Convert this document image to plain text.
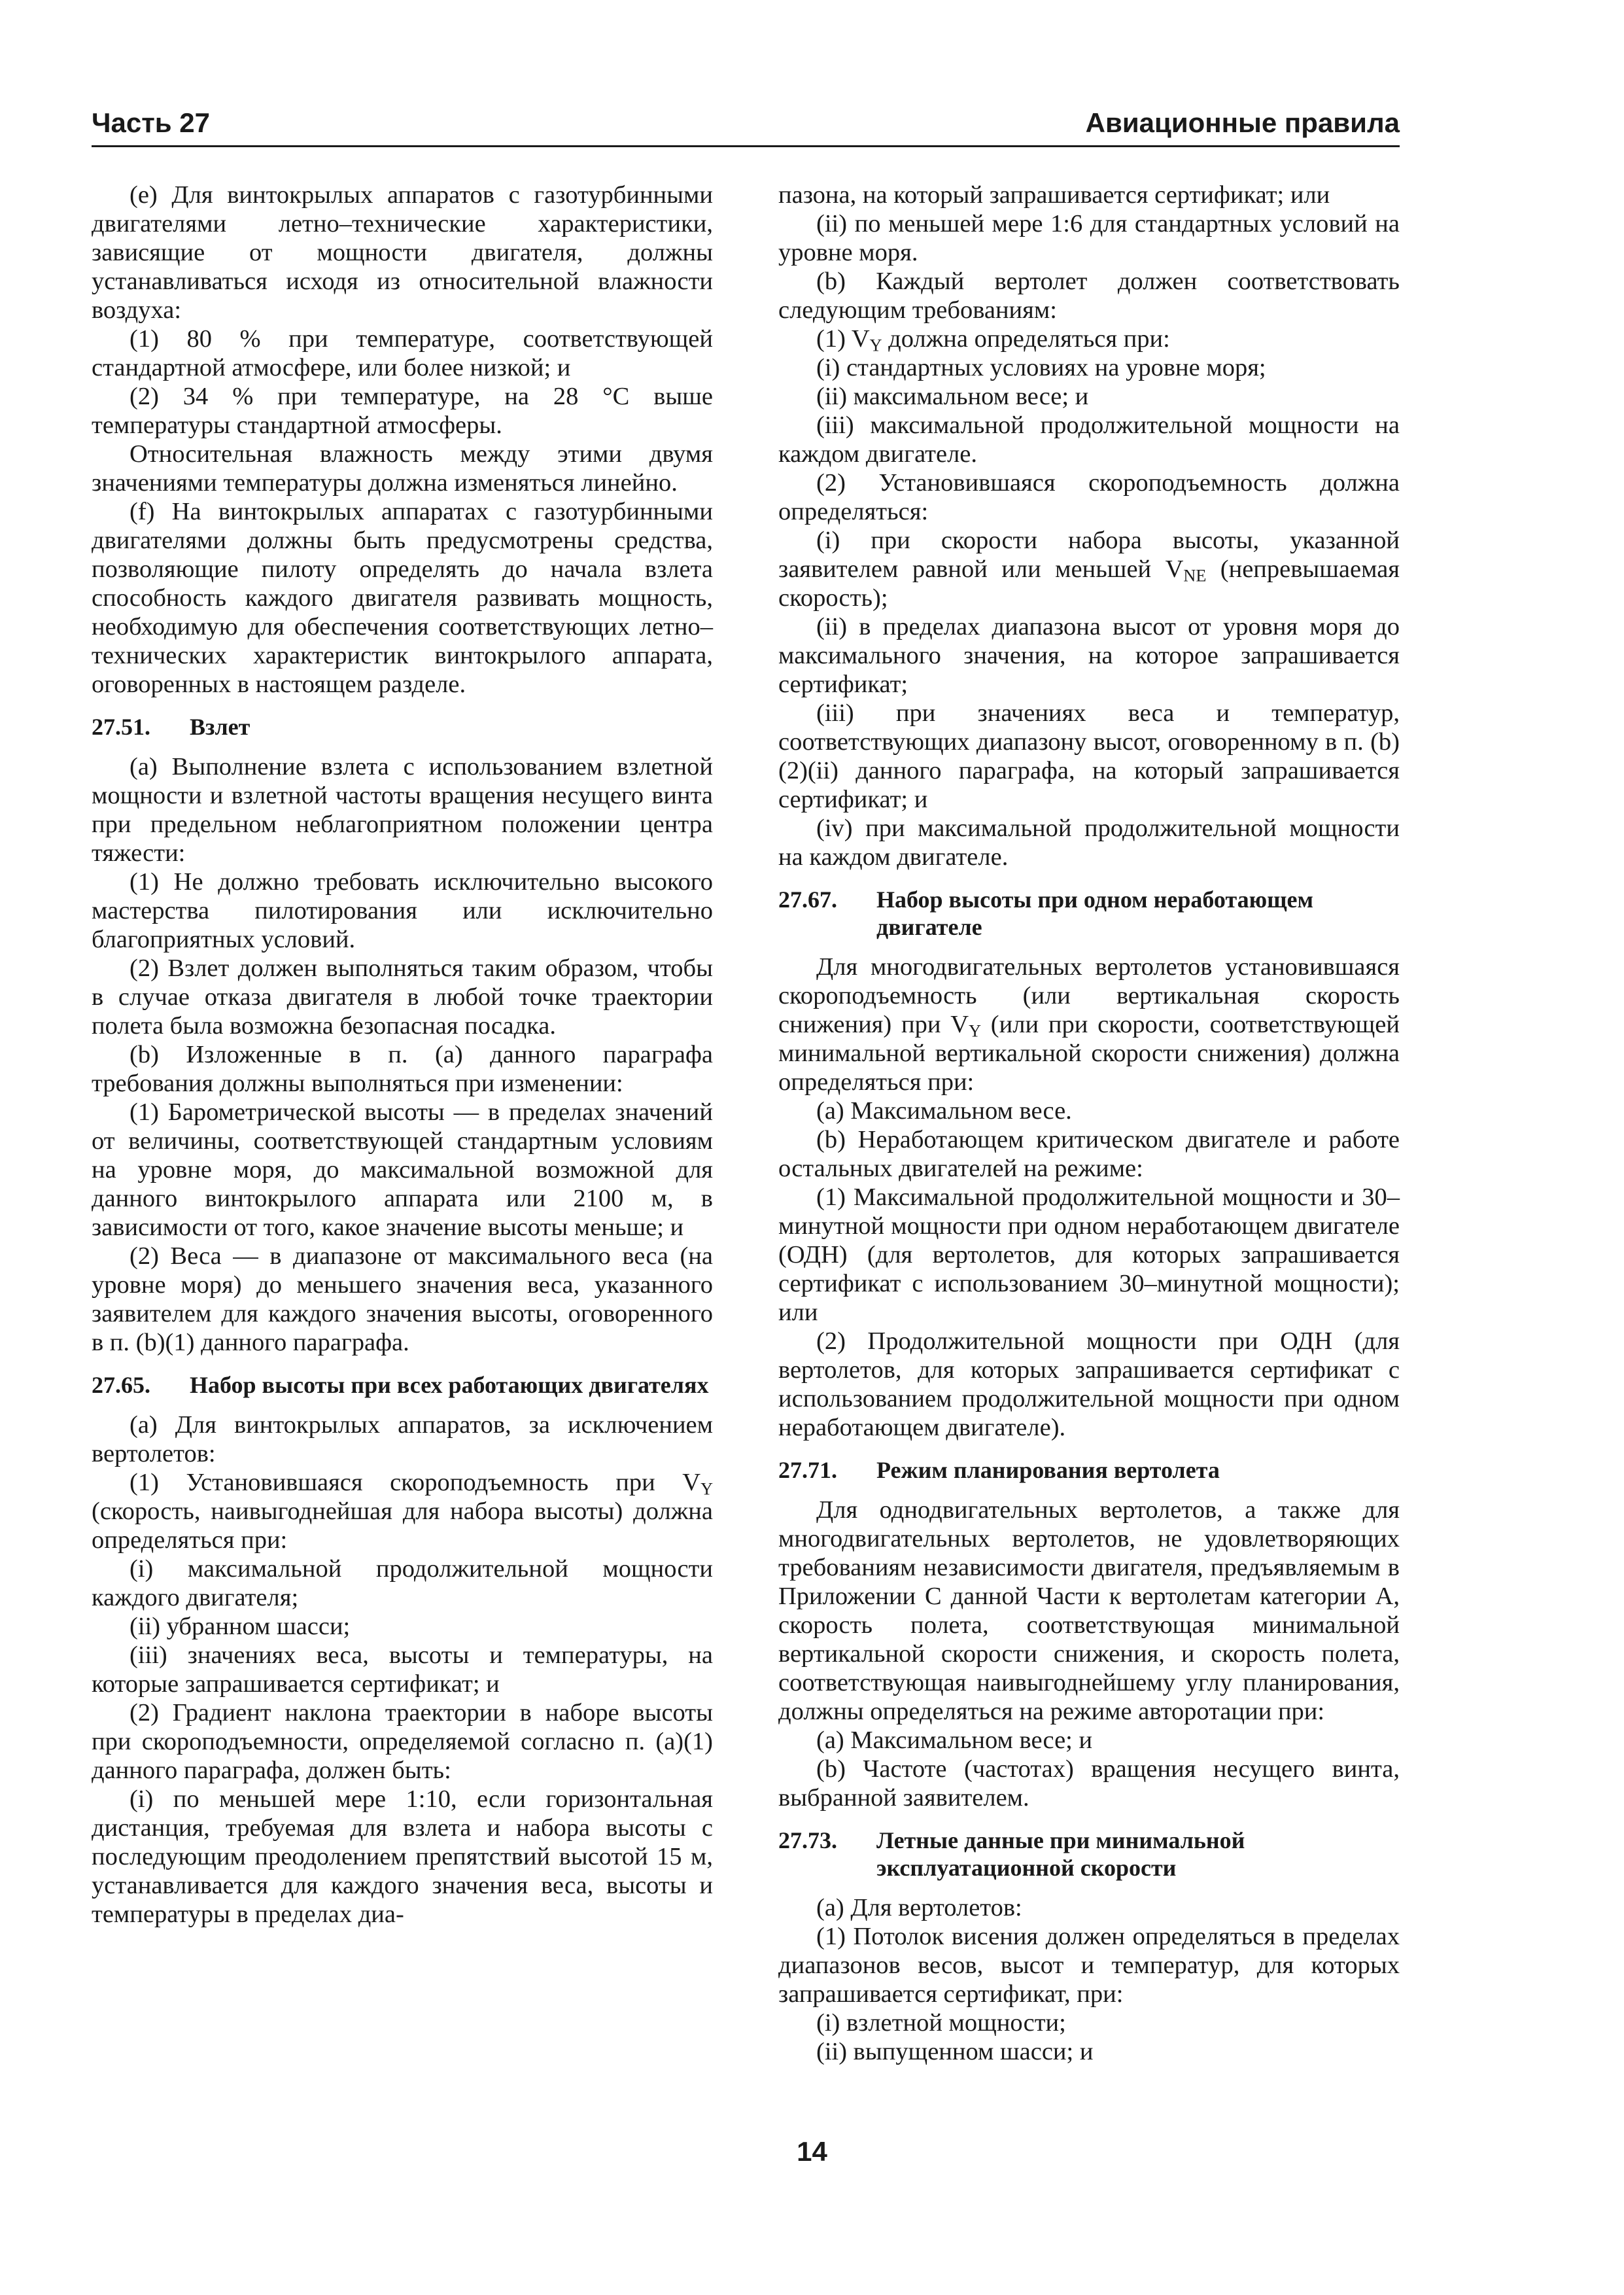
Часть 27	Авиационные правила

(e) Для винтокрылых аппаратов с газотурбинными двигателями летно–технические характеристики, зависящие от мощности двигателя, должны устанавливаться исходя из относительной влажности воздуха:

(1) 80 % при температуре, соответствующей стандартной атмосфере, или более низкой; и

(2) 34 % при температуре, на 28 °C выше температуры стандартной атмосферы.

Относительная влажность между этими двумя значениями температуры должна изменяться линейно.

(f) На винтокрылых аппаратах с газотурбинными двигателями должны быть предусмотрены средства, позволяющие пилоту определять до начала взлета способность каждого двигателя развивать мощность, необходимую для обеспечения соответствующих летно–технических характеристик винтокрылого аппарата, оговоренных в настоящем разделе.

27.51. Взлет

(a) Выполнение взлета с использованием взлетной мощности и взлетной частоты вращения несущего винта при предельном неблагоприятном положении центра тяжести:

(1) Не должно требовать исключительно высокого мастерства пилотирования или исключительно благоприятных условий.

(2) Взлет должен выполняться таким образом, чтобы в случае отказа двигателя в любой точке траектории полета была возможна безопасная посадка.

(b) Изложенные в п. (a) данного параграфа требования должны выполняться при изменении:

(1) Барометрической высоты — в пределах значений от величины, соответствующей стандартным условиям на уровне моря, до максимальной возможной для данного винтокрылого аппарата или 2100 м, в зависимости от того, какое значение высоты меньше; и

(2) Веса — в диапазоне от максимального веса (на уровне моря) до меньшего значения веса, указанного заявителем для каждого значения высоты, оговоренного в п. (b)(1) данного параграфа.

27.65. Набор высоты при всех работающих двигателях

(a) Для винтокрылых аппаратов, за исключением вертолетов:

(1) Установившаяся скороподъемность при $V_Y$ (скорость, наивыгоднейшая для набора высоты) должна определяться при:

(i) максимальной продолжительной мощности каждого двигателя;

(ii) убранном шасси;

(iii) значениях веса, высоты и температуры, на которые запрашивается сертификат; и

(2) Градиент наклона траектории в наборе высоты при скороподъемности, определяемой согласно п. (a)(1) данного параграфа, должен быть:

(i) по меньшей мере 1:10, если горизонтальная дистанция, требуемая для взлета и набора высоты с последующим преодолением препятствий высотой 15 м, устанавливается для каждого значения веса, высоты и температуры в пределах диа-

пазона, на который запрашивается сертификат; или

(ii) по меньшей мере 1:6 для стандартных условий на уровне моря.

(b) Каждый вертолет должен соответствовать следующим требованиям:

(1) $V_Y$ должна определяться при:

(i) стандартных условиях на уровне моря;

(ii) максимальном весе; и

(iii) максимальной продолжительной мощности на каждом двигателе.

(2) Установившаяся скороподъемность должна определяться:

(i) при скорости набора высоты, указанной заявителем равной или меньшей $V_{NE}$ (непревышаемая скорость);

(ii) в пределах диапазона высот от уровня моря до максимального значения, на которое запрашивается сертификат;

(iii) при значениях веса и температур, соответствующих диапазону высот, оговоренному в п. (b)(2)(ii) данного параграфа, на который запрашивается сертификат; и

(iv) при максимальной продолжительной мощности на каждом двигателе.

27.67. Набор высоты при одном неработающем двигателе

Для многодвигательных вертолетов установившаяся скороподъемность (или вертикальная скорость снижения) при $V_Y$ (или при скорости, соответствующей минимальной вертикальной скорости снижения) должна определяться при:

(a) Максимальном весе.

(b) Неработающем критическом двигателе и работе остальных двигателей на режиме:

(1) Максимальной продолжительной мощности и 30–минутной мощности при одном неработающем двигателе (ОДН) (для вертолетов, для которых запрашивается сертификат с использованием 30–минутной мощности); или

(2) Продолжительной мощности при ОДН (для вертолетов, для которых запрашивается сертификат с использованием продолжительной мощности при одном неработающем двигателе).

27.71. Режим планирования вертолета

Для однодвигательных вертолетов, а также для многодвигательных вертолетов, не удовлетворяющих требованиям независимости двигателя, предъявляемым в Приложении С данной Части к вертолетам категории А, скорость полета, соответствующая минимальной вертикальной скорости снижения, и скорость полета, соответствующая наивыгоднейшему углу планирования, должны определяться на режиме авторотации при:

(a) Максимальном весе; и

(b) Частоте (частотах) вращения несущего винта, выбранной заявителем.

27.73. Летные данные при минимальной эксплуатационной скорости

(a) Для вертолетов:

(1) Потолок висения должен определяться в пределах диапазонов весов, высот и температур, для которых запрашивается сертификат, при:

(i) взлетной мощности;

(ii) выпущенном шасси; и

14
